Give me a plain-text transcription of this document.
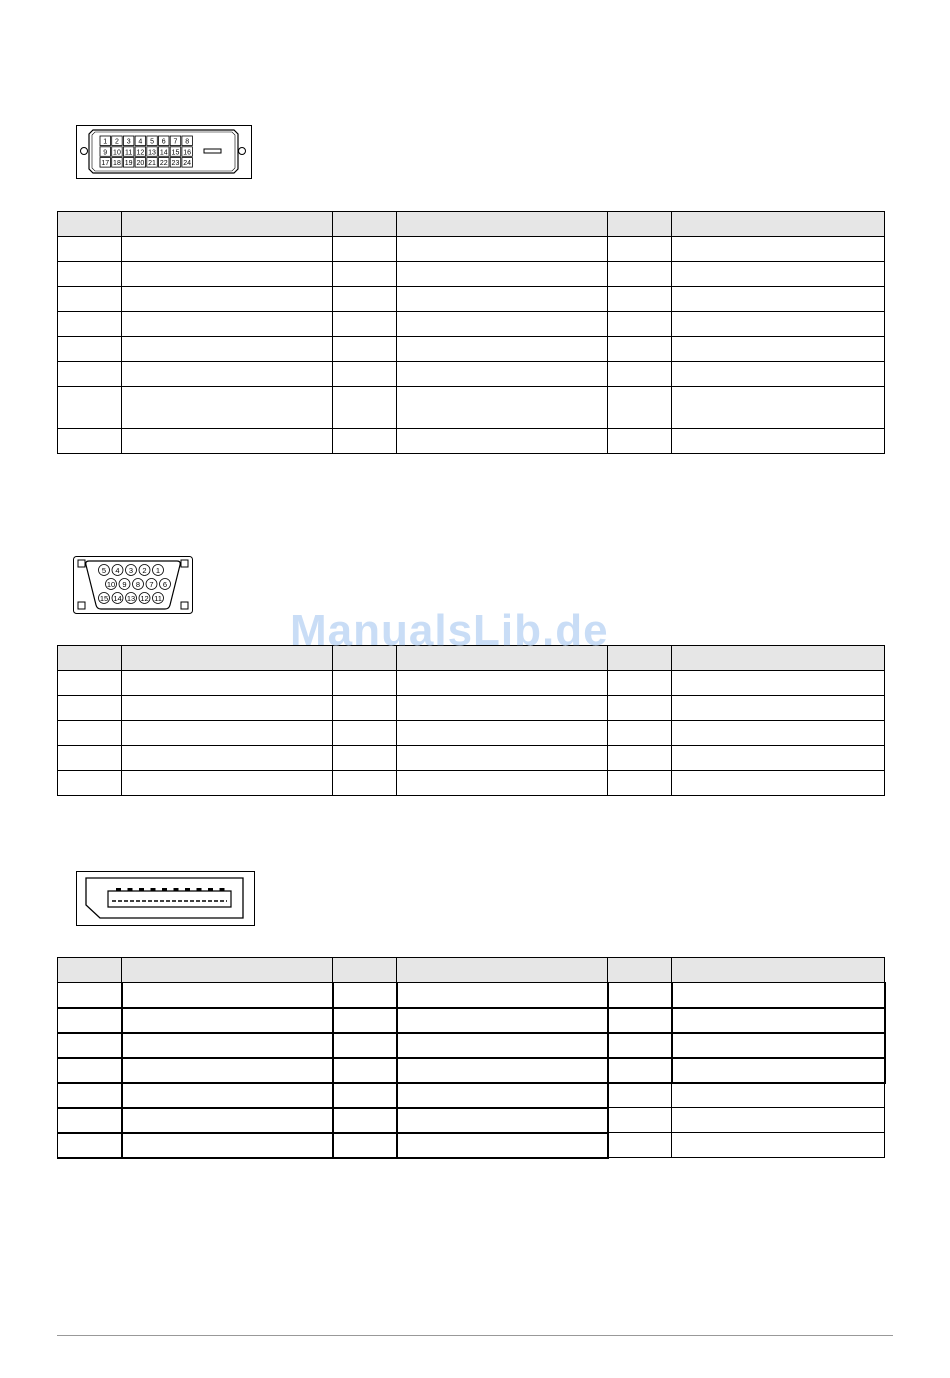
1 2 3 4 5 6 7 8
9 10 11 12 13 14 15 16
17 18 19 20 21 22 23 24

5 4 3 2 1
10 9 8 7 6
15 14 13 12 11

ManualsLib.de
